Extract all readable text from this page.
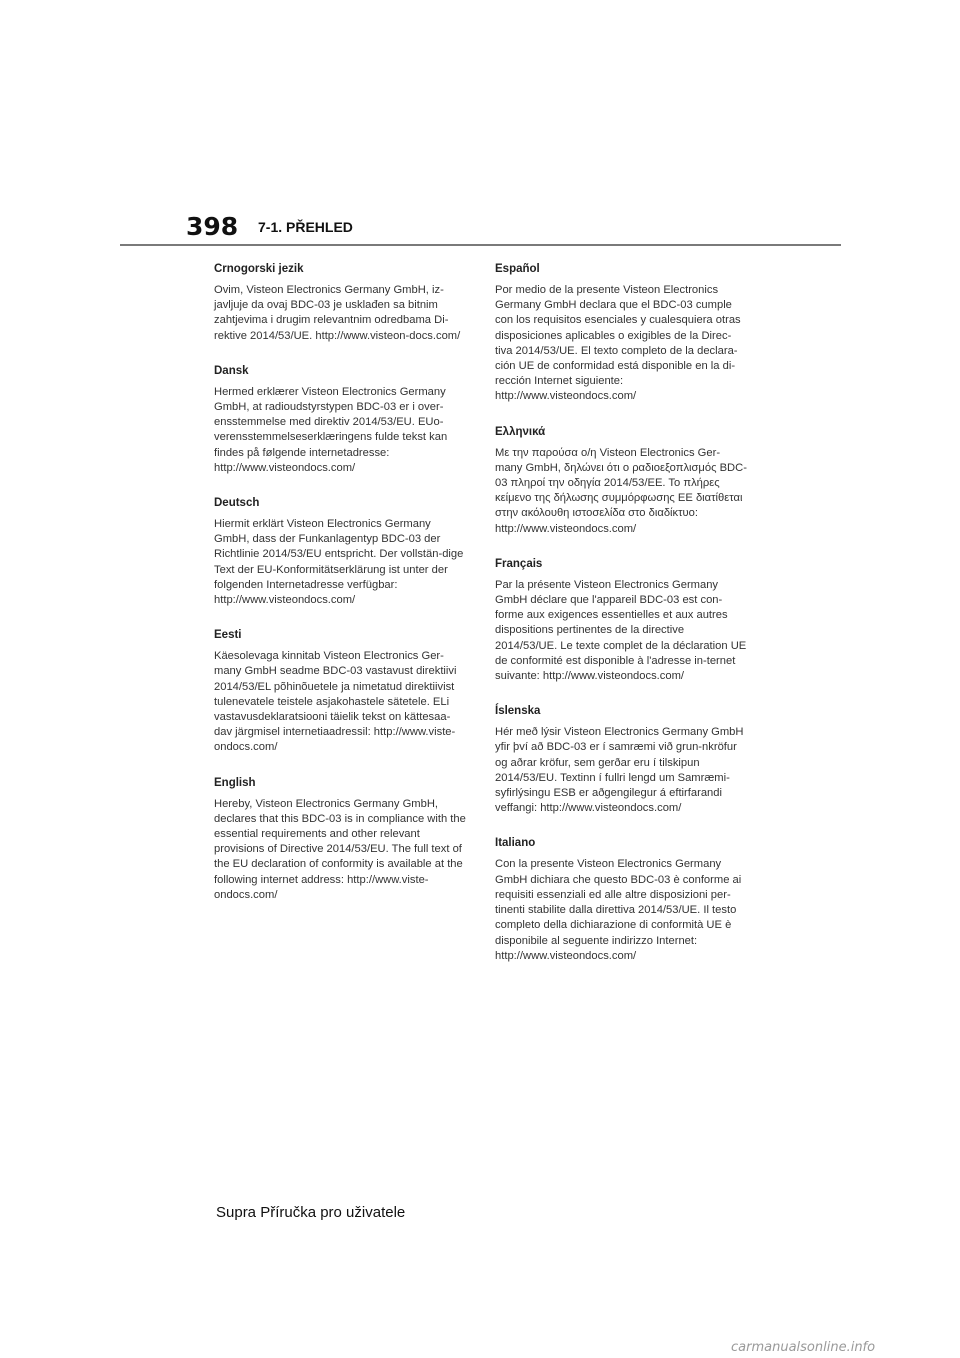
398 7-1. PŘEHLED
Crnogorski jezik

Ovim, Visteon Electronics Germany GmbH, iz-javljuje da ovaj BDC-03 je usklađen sa bitnim zahtjevima i drugim relevantnim odredbama Di-rektive 2014/53/UE. http://www.visteon-docs.com/

Dansk

Hermed erklærer Visteon Electronics Germany GmbH, at radioudstyrstypen BDC-03 er i over-ensstemmelse med direktiv 2014/53/EU. EUo-verensstemmelseserklæringens fulde tekst kan findes på følgende internetadresse: http://www.visteondocs.com/

Deutsch

Hiermit erklärt Visteon Electronics Germany GmbH, dass der Funkanlagentyp BDC-03 der Richtlinie 2014/53/EU entspricht. Der vollstän-dige Text der EU-Konformitätserklärung ist unter der folgenden Internetadresse verfügbar: http://www.visteondocs.com/

Eesti

Käesolevaga kinnitab Visteon Electronics Ger-many GmbH seadme BDC-03 vastavust direktiivi 2014/53/EL põhinõuetele ja nimetatud direktiivist tulenevatele teistele asjakohastele sätetele. ELi vastavusdeklaratsiooni täielik tekst on kättesaa-dav järgmisel internetiaadressil: http://www.viste-ondocs.com/

English

Hereby, Visteon Electronics Germany GmbH, declares that this BDC-03 is in compliance with the essential requirements and other relevant provisions of Directive 2014/53/EU. The full text of the EU declaration of conformity is available at the following internet address: http://www.viste-ondocs.com/

Español

Por medio de la presente Visteon Electronics Germany GmbH declara que el BDC-03 cumple con los requisitos esenciales y cualesquiera otras disposiciones aplicables o exigibles de la Direc-tiva 2014/53/UE. El texto completo de la declara-ción UE de conformidad está disponible en la di-rección Internet siguiente: http://www.visteondocs.com/

Ελληνικά

Με την παρούσα ο/η Visteon Electronics Ger-many GmbH, δηλώνει ότι ο ραδιοεξοπλισμός BDC-03 πληροί την οδηγία 2014/53/ΕΕ. Το πλήρες κείμενο της δήλωσης συμμόρφωσης ΕΕ διατίθεται στην ακόλουθη ιστοσελίδα στο διαδίκτυο: http://www.visteondocs.com/

Français

Par la présente Visteon Electronics Germany GmbH déclare que l'appareil BDC-03 est con-forme aux exigences essentielles et aux autres dispositions pertinentes de la directive 2014/53/UE. Le texte complet de la déclaration UE de conformité est disponible à l'adresse in-ternet suivante: http://www.visteondocs.com/

Íslenska

Hér með lýsir Visteon Electronics Germany GmbH yfir því að BDC-03 er í samræmi við grun-nkröfur og aðrar kröfur, sem gerðar eru í tilskipun 2014/53/EU. Textinn í fullri lengd um Samræmi-syfirlýsingu ESB er aðgengilegur á eftirfarandi veffangi: http://www.visteondocs.com/

Italiano

Con la presente Visteon Electronics Germany GmbH dichiara che questo BDC-03 è conforme ai requisiti essenziali ed alle altre disposizioni per-tinenti stabilite dalla direttiva 2014/53/UE. Il testo completo della dichiarazione di conformità UE è disponibile al seguente indirizzo Internet: http://www.visteondocs.com/

Supra Příručka pro uživatele
carmanualsonline.info
